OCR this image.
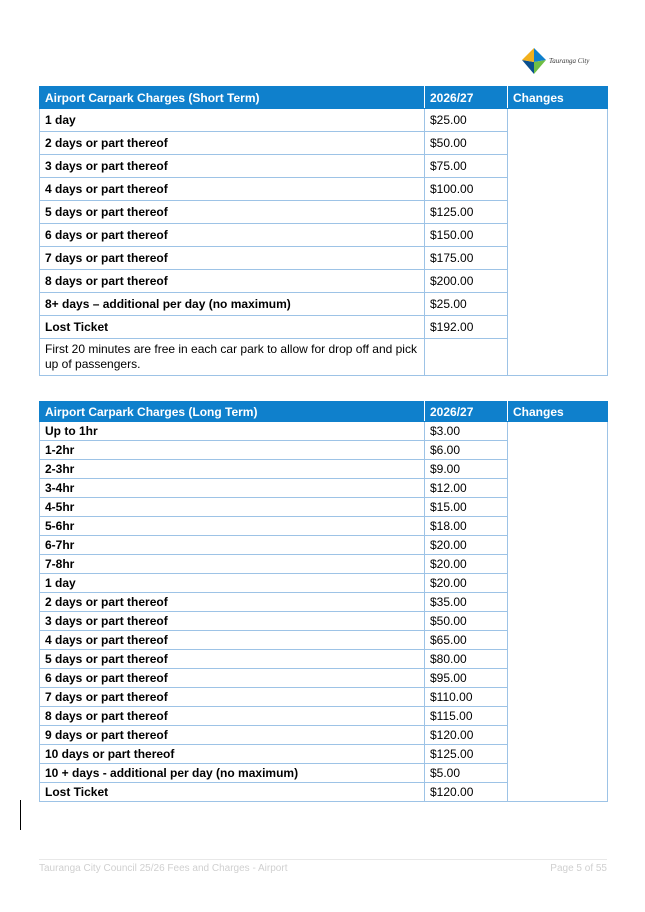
Tauranga City
Airport Carpark Charges (Short Term)	2026/27	Changes
1 day	$25.00	
2 days or part thereof	$50.00	
3 days or part thereof	$75.00	
4 days or part thereof	$100.00	
5 days or part thereof	$125.00	
6 days or part thereof	$150.00	
7 days or part thereof	$175.00	
8 days or part thereof	$200.00	
8+ days – additional per day (no maximum)	$25.00	
Lost Ticket	$192.00	
First 20 minutes are free in each car park to allow for drop off and pick up of passengers.		
Airport Carpark Charges (Long Term)	2026/27	Changes
Up to 1hr	$3.00	
1-2hr	$6.00	
2-3hr	$9.00	
3-4hr	$12.00	
4-5hr	$15.00	
5-6hr	$18.00	
6-7hr	$20.00	
7-8hr	$20.00	
1 day	$20.00	
2 days or part thereof	$35.00	
3 days or part thereof	$50.00	
4 days or part thereof	$65.00	
5 days or part thereof	$80.00	
6 days or part thereof	$95.00	
7 days or part thereof	$110.00	
8 days or part thereof	$115.00	
9 days or part thereof	$120.00	
10 days or part thereof	$125.00	
10 + days - additional per day (no maximum)	$5.00	
Lost Ticket	$120.00	
Tauranga City Council 25/26 Fees and Charges - Airport	Page 5 of 55
